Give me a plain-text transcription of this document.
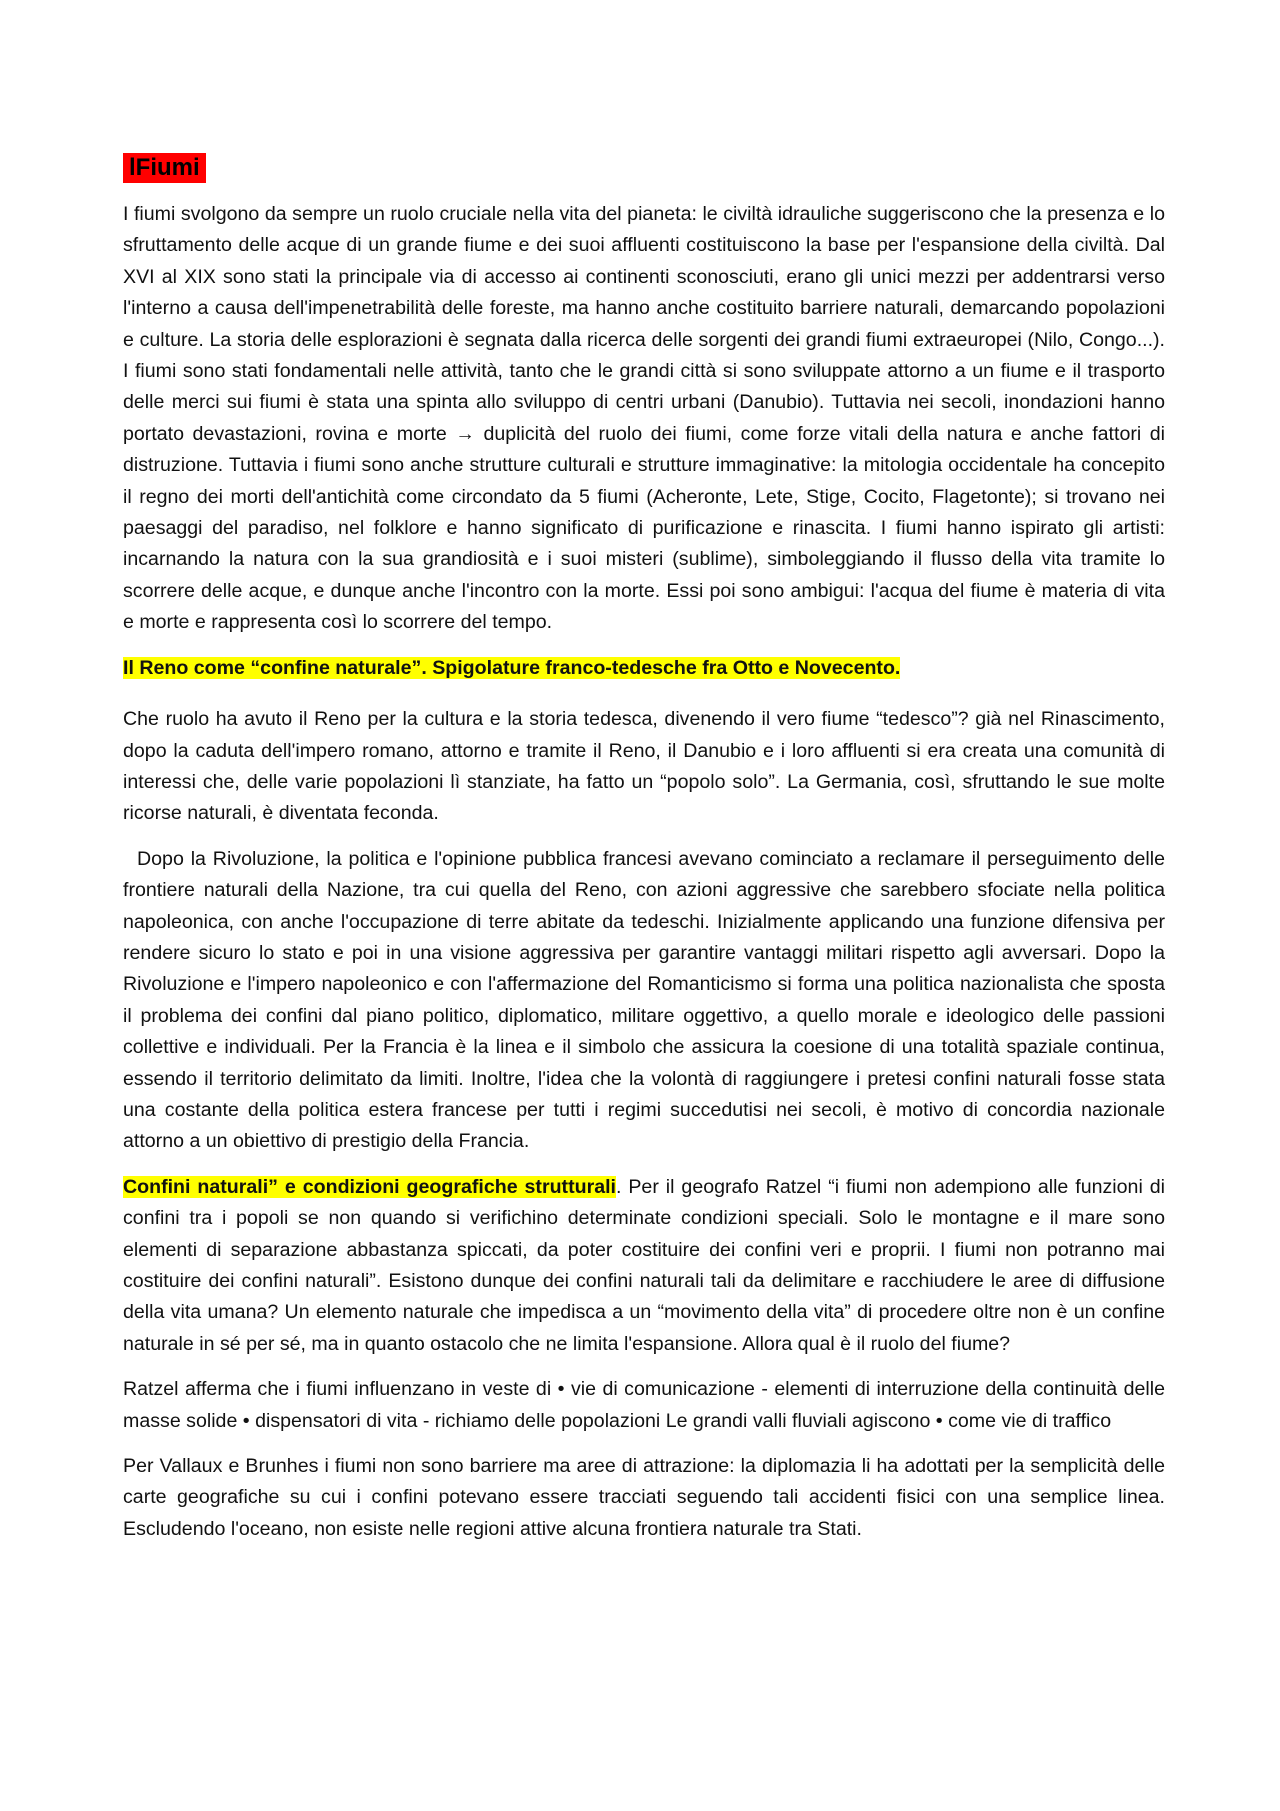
lFiumi

I fiumi svolgono da sempre un ruolo cruciale nella vita del pianeta: le civiltà idrauliche suggeriscono che la presenza e lo sfruttamento delle acque di un grande fiume e dei suoi affluenti costituiscono la base per l'espansione della civiltà. Dal XVI al XIX sono stati la principale via di accesso ai continenti sconosciuti, erano gli unici mezzi per addentrarsi verso l'interno a causa dell'impenetrabilità delle foreste, ma hanno anche costituito barriere naturali, demarcando popolazioni e culture. La storia delle esplorazioni è segnata dalla ricerca delle sorgenti dei grandi fiumi extraeuropei (Nilo, Congo...). I fiumi sono stati fondamentali nelle attività, tanto che le grandi città si sono sviluppate attorno a un fiume e il trasporto delle merci sui fiumi è stata una spinta allo sviluppo di centri urbani (Danubio). Tuttavia nei secoli, inondazioni hanno portato devastazioni, rovina e morte → duplicità del ruolo dei fiumi, come forze vitali della natura e anche fattori di distruzione. Tuttavia i fiumi sono anche strutture culturali e strutture immaginative: la mitologia occidentale ha concepito il regno dei morti dell'antichità come circondato da 5 fiumi (Acheronte, Lete, Stige, Cocito, Flagetonte); si trovano nei paesaggi del paradiso, nel folklore e hanno significato di purificazione e rinascita. I fiumi hanno ispirato gli artisti: incarnando la natura con la sua grandiosità e i suoi misteri (sublime), simboleggiando il flusso della vita tramite lo scorrere delle acque, e dunque anche l'incontro con la morte. Essi poi sono ambigui: l'acqua del fiume è materia di vita e morte e rappresenta così lo scorrere del tempo.

Il Reno come “confine naturale”. Spigolature franco-tedesche fra Otto e Novecento.

Che ruolo ha avuto il Reno per la cultura e la storia tedesca, divenendo il vero fiume “tedesco”? già nel Rinascimento, dopo la caduta dell'impero romano, attorno e tramite il Reno, il Danubio e i loro affluenti si era creata una comunità di interessi che, delle varie popolazioni lì stanziate, ha fatto un “popolo solo”. La Germania, così, sfruttando le sue molte ricorse naturali, è diventata feconda.

Dopo la Rivoluzione, la politica e l'opinione pubblica francesi avevano cominciato a reclamare il perseguimento delle frontiere naturali della Nazione, tra cui quella del Reno, con azioni aggressive che sarebbero sfociate nella politica napoleonica, con anche l'occupazione di terre abitate da tedeschi. Inizialmente applicando una funzione difensiva per rendere sicuro lo stato e poi in una visione aggressiva per garantire vantaggi militari rispetto agli avversari. Dopo la Rivoluzione e l'impero napoleonico e con l'affermazione del Romanticismo si forma una politica nazionalista che sposta il problema dei confini dal piano politico, diplomatico, militare oggettivo, a quello morale e ideologico delle passioni collettive e individuali. Per la Francia è la linea e il simbolo che assicura la coesione di una totalità spaziale continua, essendo il territorio delimitato da limiti. Inoltre, l'idea che la volontà di raggiungere i pretesi confini naturali fosse stata una costante della politica estera francese per tutti i regimi succedutisi nei secoli, è motivo di concordia nazionale attorno a un obiettivo di prestigio della Francia.

Confini naturali” e condizioni geografiche strutturali. Per il geografo Ratzel “i fiumi non adempiono alle funzioni di confini tra i popoli se non quando si verifichino determinate condizioni speciali. Solo le montagne e il mare sono elementi di separazione abbastanza spiccati, da poter costituire dei confini veri e proprii. I fiumi non potranno mai costituire dei confini naturali”. Esistono dunque dei confini naturali tali da delimitare e racchiudere le aree di diffusione della vita umana? Un elemento naturale che impedisca a un “movimento della vita” di procedere oltre non è un confine naturale in sé per sé, ma in quanto ostacolo che ne limita l'espansione. Allora qual è il ruolo del fiume?

Ratzel afferma che i fiumi influenzano in veste di • vie di comunicazione - elementi di interruzione della continuità delle masse solide • dispensatori di vita - richiamo delle popolazioni Le grandi valli fluviali agiscono • come vie di traffico

Per Vallaux e Brunhes i fiumi non sono barriere ma aree di attrazione: la diplomazia li ha adottati per la semplicità delle carte geografiche su cui i confini potevano essere tracciati seguendo tali accidenti fisici con una semplice linea. Escludendo l'oceano, non esiste nelle regioni attive alcuna frontiera naturale tra Stati.
